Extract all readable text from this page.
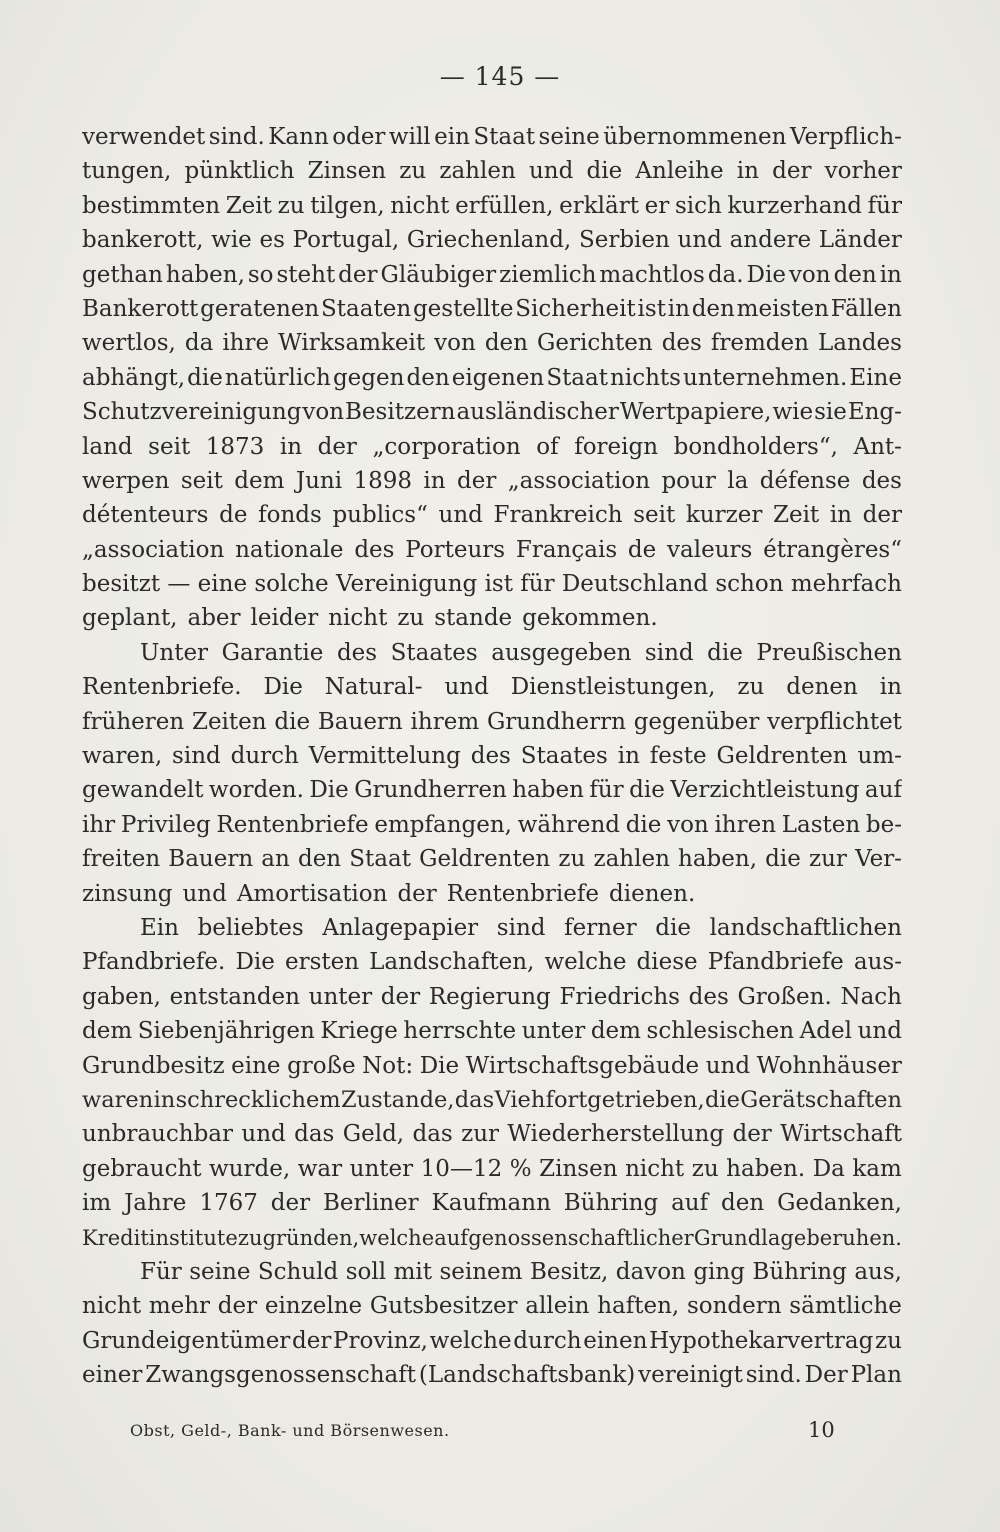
— 145 —
verwendet sind. Kann oder will ein Staat seine übernommenen Verpflich-
tungen, pünktlich Zinsen zu zahlen und die Anleihe in der vorher
bestimmten Zeit zu tilgen, nicht erfüllen, erklärt er sich kurzerhand für
bankerott, wie es Portugal, Griechenland, Serbien und andere Länder
gethan haben, so steht der Gläubiger ziemlich machtlos da. Die von den in
Bankerott geratenen Staaten gestellte Sicherheit ist in den meisten Fällen
wertlos, da ihre Wirksamkeit von den Gerichten des fremden Landes
abhängt, die natürlich gegen den eigenen Staat nichts unternehmen. Eine
Schutzvereinigung von Besitzern ausländischer Wertpapiere, wie sie Eng-
land seit 1873 in der „corporation of foreign bondholders“, Ant-
werpen seit dem Juni 1898 in der „association pour la défense des
détenteurs de fonds publics“ und Frankreich seit kurzer Zeit in der
„association nationale des Porteurs Français de valeurs étrangères“
besitzt — eine solche Vereinigung ist für Deutschland schon mehrfach
geplant, aber leider nicht zu stande gekommen.
Unter Garantie des Staates ausgegeben sind die Preußischen
Rentenbriefe. Die Natural- und Dienstleistungen, zu denen in
früheren Zeiten die Bauern ihrem Grundherrn gegenüber verpflichtet
waren, sind durch Vermittelung des Staates in feste Geldrenten um-
gewandelt worden. Die Grundherren haben für die Verzichtleistung auf
ihr Privileg Rentenbriefe empfangen, während die von ihren Lasten be-
freiten Bauern an den Staat Geldrenten zu zahlen haben, die zur Ver-
zinsung und Amortisation der Rentenbriefe dienen.
Ein beliebtes Anlagepapier sind ferner die landschaftlichen
Pfandbriefe. Die ersten Landschaften, welche diese Pfandbriefe aus-
gaben, entstanden unter der Regierung Friedrichs des Großen. Nach
dem Siebenjährigen Kriege herrschte unter dem schlesischen Adel und
Grundbesitz eine große Not: Die Wirtschaftsgebäude und Wohnhäuser
waren in schrecklichem Zustande, das Vieh fortgetrieben, die Gerätschaften
unbrauchbar und das Geld, das zur Wiederherstellung der Wirtschaft
gebraucht wurde, war unter 10—12 % Zinsen nicht zu haben. Da kam
im Jahre 1767 der Berliner Kaufmann Bühring auf den Gedanken,
Kreditinstitute zu gründen, welche auf genossenschaftlicher Grundlage beruhen.
Für seine Schuld soll mit seinem Besitz, davon ging Bühring aus,
nicht mehr der einzelne Gutsbesitzer allein haften, sondern sämtliche
Grundeigentümer der Provinz, welche durch einen Hypothekarvertrag zu
einer Zwangsgenossenschaft (Landschaftsbank) vereinigt sind. Der Plan
Obst, Geld-, Bank- und Börsenwesen.	10
